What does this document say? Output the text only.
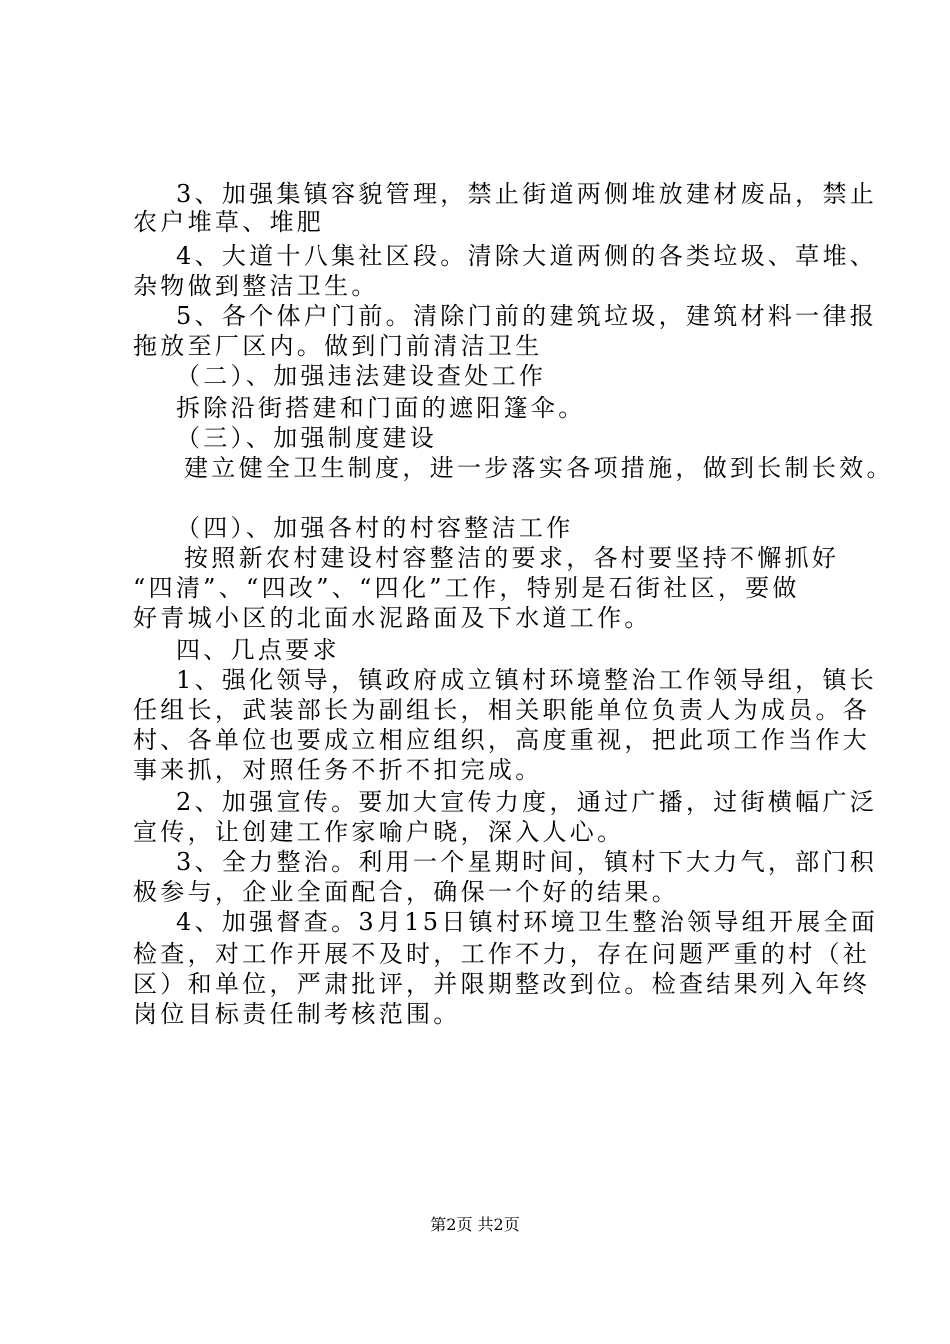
3、加强集镇容貌管理，禁止街道两侧堆放建材废品，禁止
农户堆草、堆肥
4、大道十八集社区段。清除大道两侧的各类垃圾、草堆、
杂物做到整洁卫生。
5、各个体户门前。清除门前的建筑垃圾，建筑材料一律报
拖放至厂区内。做到门前清洁卫生
（二）、加强违法建设查处工作
拆除沿街搭建和门面的遮阳篷伞。
（三）、加强制度建设
建立健全卫生制度，进一步落实各项措施，做到长制长效。
（四）、加强各村的村容整洁工作
按照新农村建设村容整洁的要求，各村要坚持不懈抓好
“四清”、“四改”、“四化”工作，特别是石街社区，要做
好青城小区的北面水泥路面及下水道工作。
四、几点要求
1、强化领导，镇政府成立镇村环境整治工作领导组，镇长
任组长，武装部长为副组长，相关职能单位负责人为成员。各
村、各单位也要成立相应组织，高度重视，把此项工作当作大
事来抓，对照任务不折不扣完成。
2、加强宣传。要加大宣传力度，通过广播，过街横幅广泛
宣传，让创建工作家喻户晓，深入人心。
3、全力整治。利用一个星期时间，镇村下大力气，部门积
极参与，企业全面配合，确保一个好的结果。
4、加强督查。3月15日镇村环境卫生整治领导组开展全面
检查，对工作开展不及时，工作不力，存在问题严重的村（社
区）和单位，严肃批评，并限期整改到位。检查结果列入年终
岗位目标责任制考核范围。
第2页 共2页
